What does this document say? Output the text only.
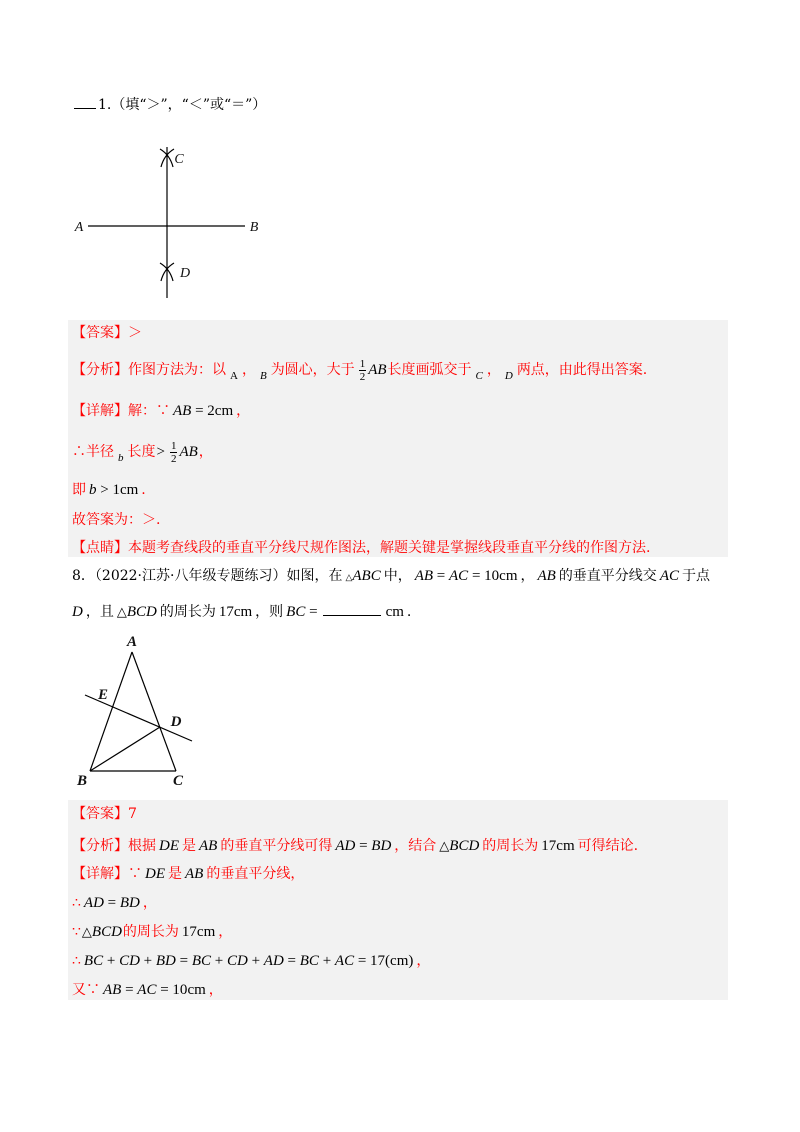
1.（填“＞”，“＜”或“＝”）
A	B
C
D
【答案】＞
【分析】作图方法为：以 $_A$ ， $_B$ 为圆心，大于 $\frac{1}{2}$ AB长度画弧交于 $_C$ ， $_D$ 两点，由此得出答案.
【详解】解：∵ AB = 2cm ，
∴半径 $_b$ 长度> $\frac{1}{2}$ AB，
即 b > 1cm .
故答案为：＞.
【点睛】本题考查线段的垂直平分线尺规作图法，解题关键是掌握线段垂直平分线的作图方法.
8．（2022·江苏·八年级专题练习）如图，在 △ABC 中， AB = AC = 10cm ， AB 的垂直平分线交 AC 于点
D ，且 △BCD 的周长为 17cm ，则 BC =	cm .
A
E
D
B	C
【答案】7
【分析】根据 DE 是 AB 的垂直平分线可得 AD = BD ，结合 △BCD 的周长为 17cm 可得结论.
【详解】∵ DE 是 AB 的垂直平分线，
∴ AD = BD ，
∵△BCD的周长为 17cm ，
∴ BC + CD + BD = BC + CD + AD = BC + AC = 17(cm) ，
又∵ AB = AC = 10cm ，
